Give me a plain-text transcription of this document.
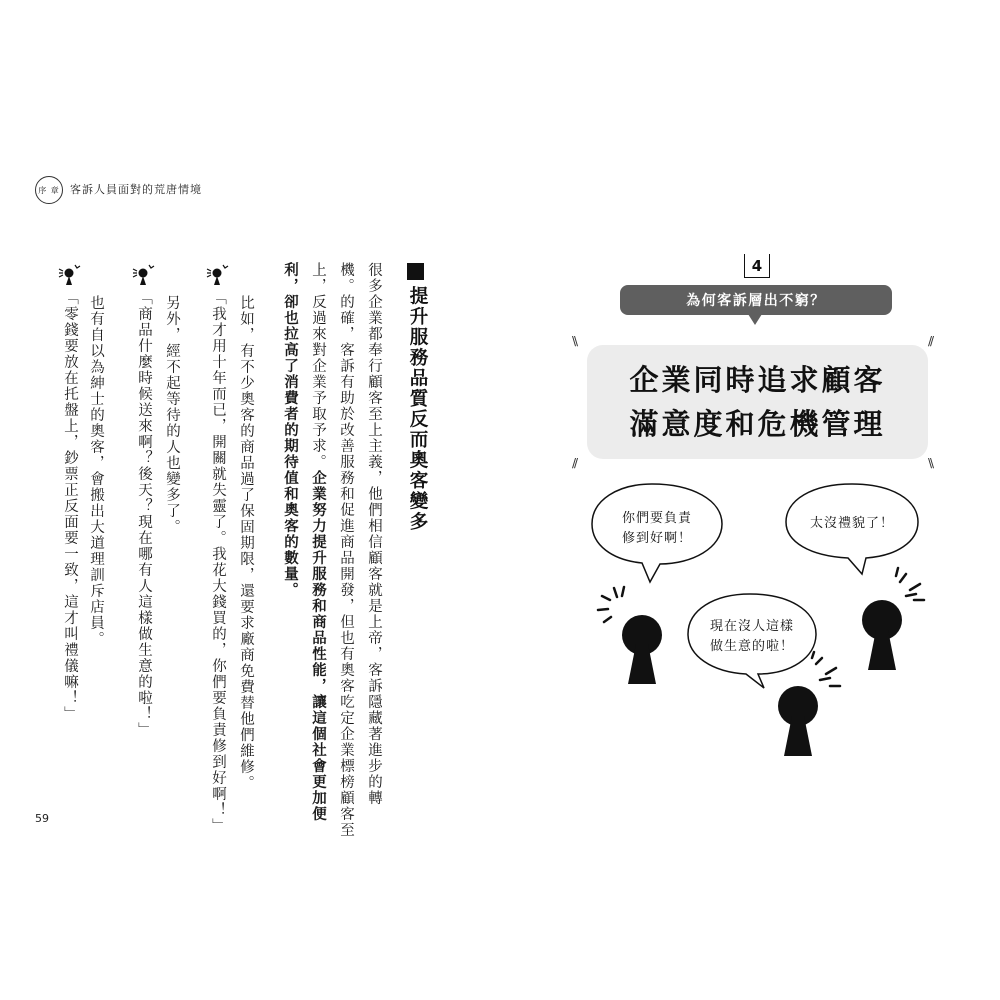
序 章 客訴人員面對的荒唐情境
提升服務品質反而奧客變多
很多企業都奉行顧客至上主義，他們相信顧客就是上帝，客訴隱藏著進步的轉
機。的確，客訴有助於改善服務和促進商品開發，但也有奧客吃定企業標榜顧客至
上，反過來對企業予取予求。企業努力提升服務和商品性能，讓這個社會更加便
利，卻也拉高了消費者的期待值和奧客的數量。
比如，有不少奧客的商品過了保固期限，還要求廠商免費替他們維修。
「我才用十年而已，開關就失靈了。我花大錢買的，你們要負責修到好啊！」
另外，經不起等待的人也變多了。
「商品什麼時候送來啊？後天？現在哪有人這樣做生意的啦！」
也有自以為紳士的奧客，會搬出大道理訓斥店員。
「零錢要放在托盤上，鈔票正反面要一致，這才叫禮儀嘛！」
59
4
為何客訴層出不窮？
\\	//
//	\\
企業同時追求顧客
滿意度和危機管理
你們要負責
修到好啊！
太沒禮貌了！
現在沒人這樣
做生意的啦！
